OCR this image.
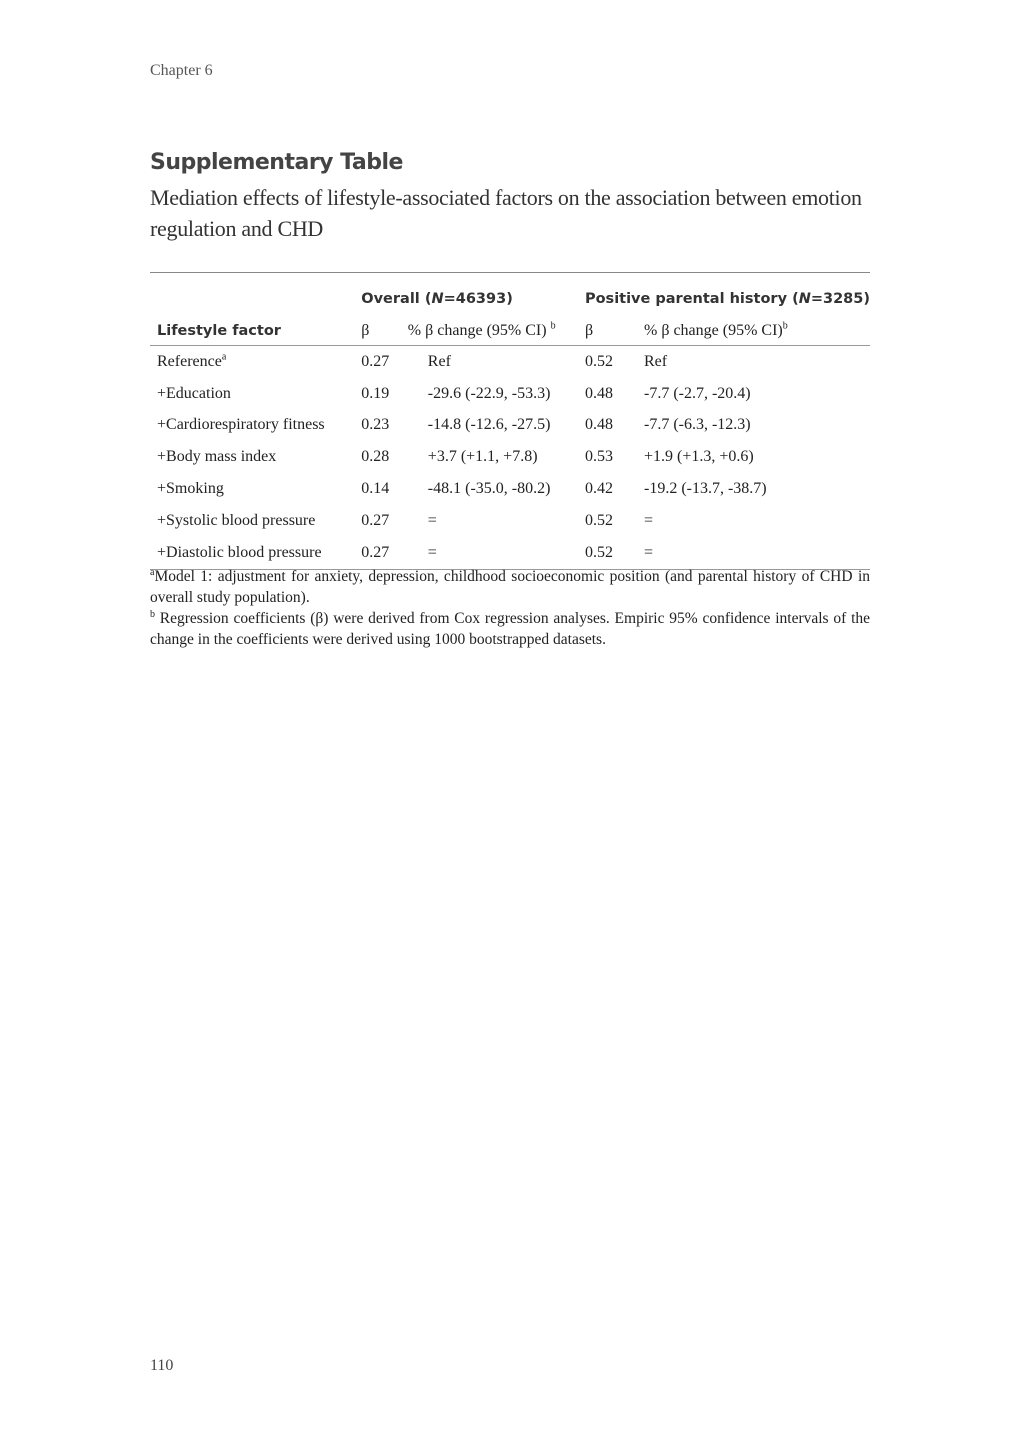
Chapter 6
Supplementary Table
Mediation effects of lifestyle-associated factors on the association between emotion regulation and CHD
	Overall (N=46393)		Positive parental history (N=3285)	
Lifestyle factor	β	% β change (95% CI) $^b$	β	% β change (95% CI)$^b$
Reference$^a$	0.27	Ref	0.52	Ref
+Education	0.19	-29.6 (-22.9, -53.3)	0.48	-7.7 (-2.7, -20.4)
+Cardiorespiratory fitness	0.23	-14.8 (-12.6, -27.5)	0.48	-7.7 (-6.3, -12.3)
+Body mass index	0.28	+3.7 (+1.1, +7.8)	0.53	+1.9 (+1.3, +0.6)
+Smoking	0.14	-48.1 (-35.0, -80.2)	0.42	-19.2 (-13.7, -38.7)
+Systolic blood pressure	0.27	=	0.52	=
+Diastolic blood pressure	0.27	=	0.52	=

$^a$Model 1: adjustment for anxiety, depression, childhood socioeconomic position (and parental history of CHD in overall study population).

$^b$ Regression coefficients (β) were derived from Cox regression analyses. Empiric 95% confidence intervals of the change in the coefficients were derived using 1000 bootstrapped datasets.

110
